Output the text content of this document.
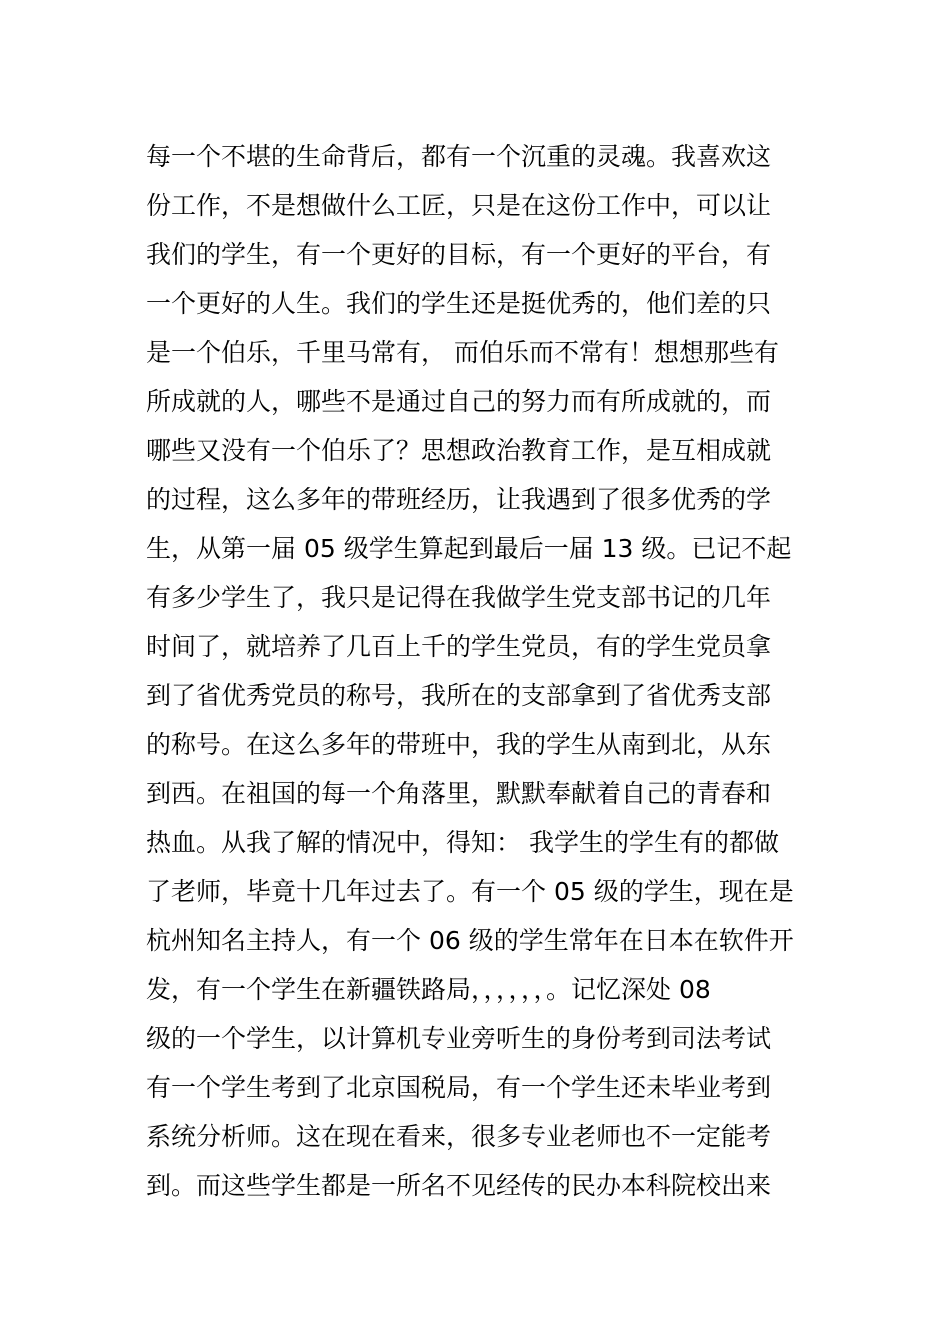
每一个不堪的生命背后，都有一个沉重的灵魂。我喜欢这
份工作，不是想做什么工匠，只是在这份工作中，可以让
我们的学生，有一个更好的目标，有一个更好的平台，有
一个更好的人生。我们的学生还是挺优秀的，他们差的只
是一个伯乐，千里马常有， 而伯乐而不常有！想想那些有
所成就的人，哪些不是通过自己的努力而有所成就的，而
哪些又没有一个伯乐了？思想政治教育工作，是互相成就
的过程，这么多年的带班经历，让我遇到了很多优秀的学
生，从第一届 05 级学生算起到最后一届 13 级。已记不起
有多少学生了，我只是记得在我做学生党支部书记的几年
时间了，就培养了几百上千的学生党员，有的学生党员拿
到了省优秀党员的称号，我所在的支部拿到了省优秀支部
的称号。在这么多年的带班中，我的学生从南到北，从东
到西。在祖国的每一个角落里，默默奉献着自己的青春和
热血。从我了解的情况中，得知： 我学生的学生有的都做
了老师，毕竟十几年过去了。有一个 05 级的学生，现在是
杭州知名主持人，有一个 06 级的学生常年在日本在软件开
发，有一个学生在新疆铁路局，，，，，，。记忆深处 08
级的一个学生，以计算机专业旁听生的身份考到司法考试
有一个学生考到了北京国税局，有一个学生还未毕业考到
系统分析师。这在现在看来，很多专业老师也不一定能考
到。而这些学生都是一所名不见经传的民办本科院校出来
